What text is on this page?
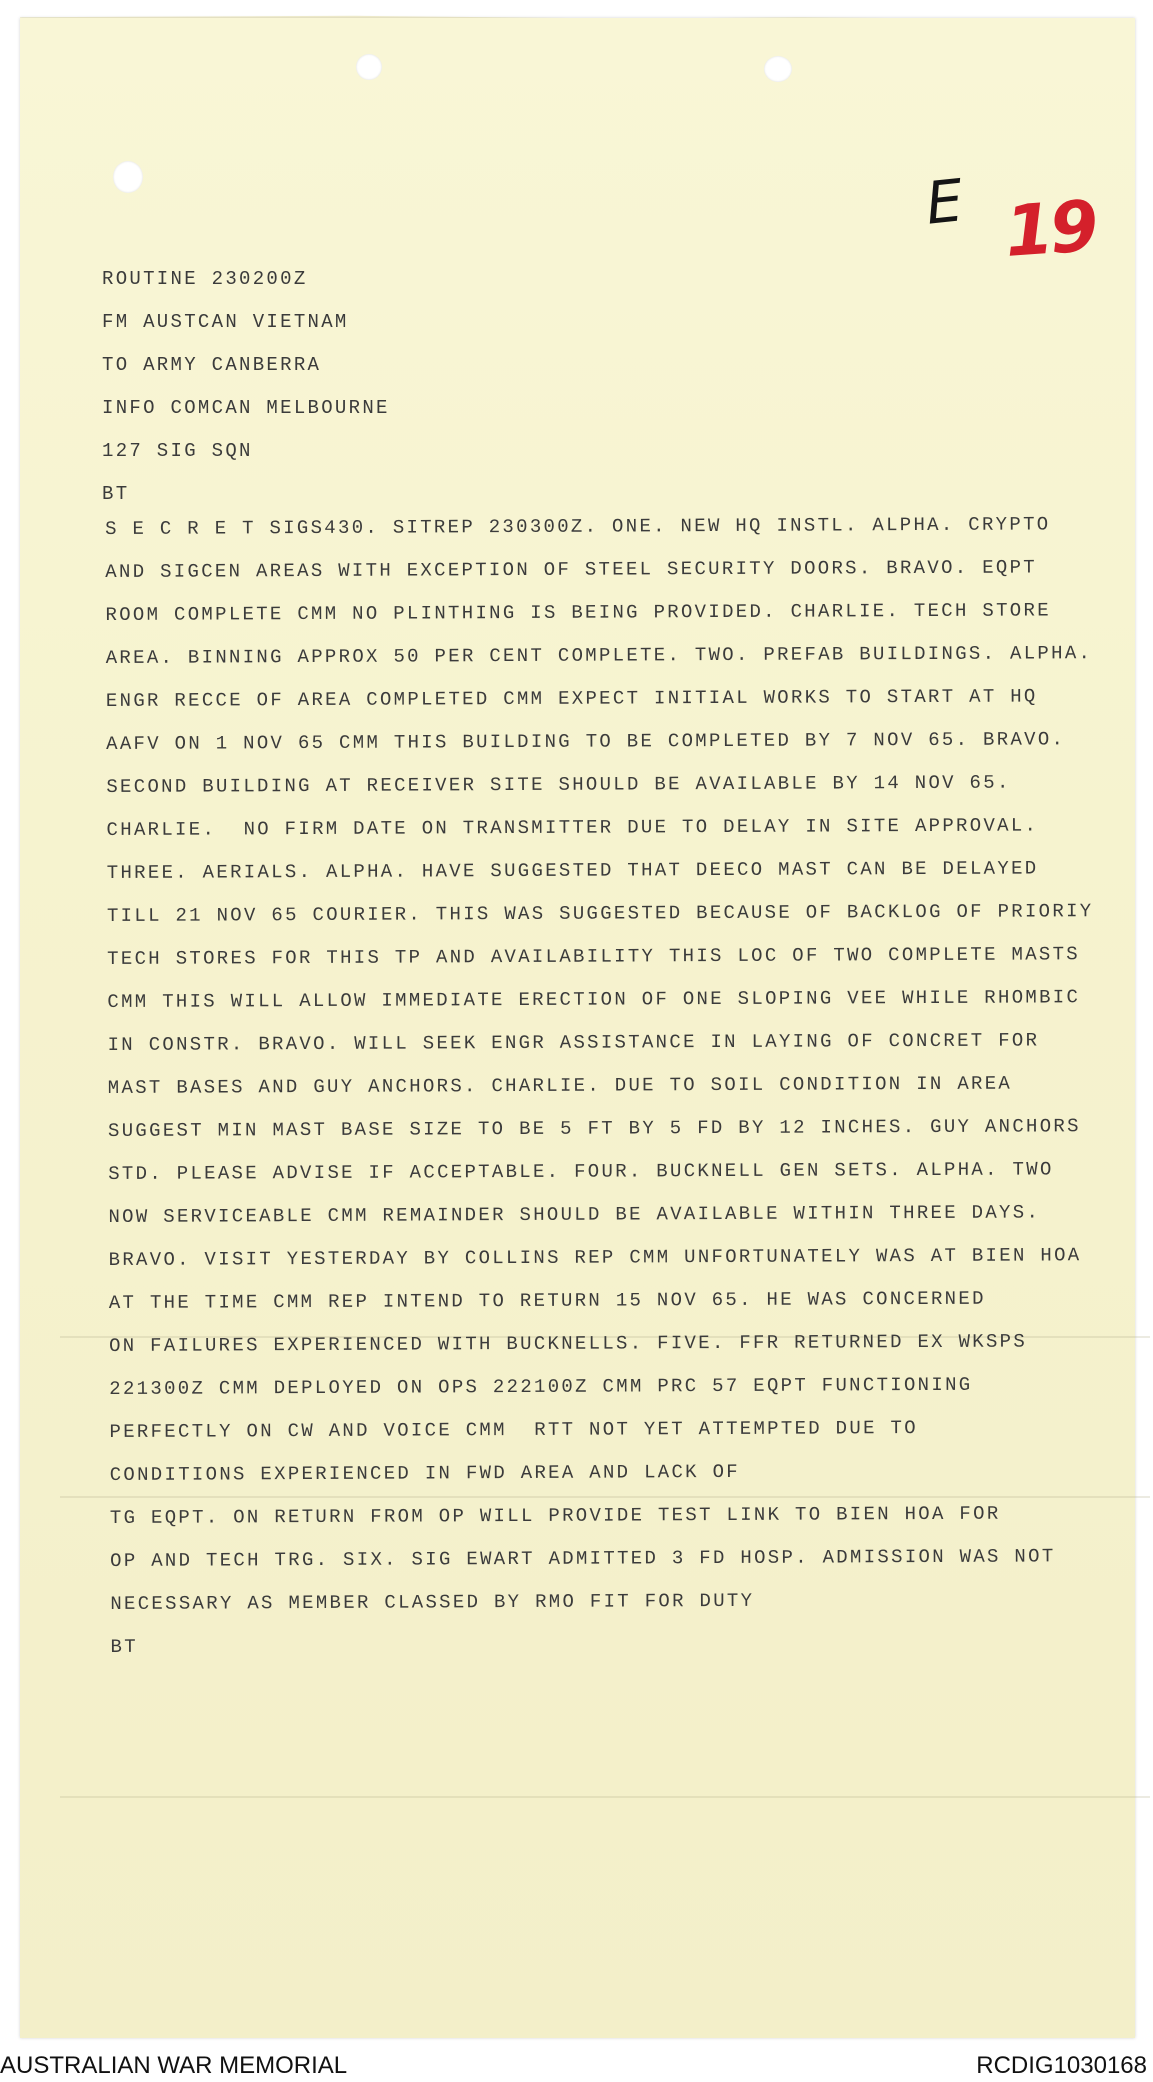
E 19
ROUTINE 230200Z
FM AUSTCAN VIETNAM
TO ARMY CANBERRA
INFO COMCAN MELBOURNE
127 SIG SQN
BT
S E C R E T SIGS430. SITREP 230300Z. ONE. NEW HQ INSTL. ALPHA. CRYPTO
AND SIGCEN AREAS WITH EXCEPTION OF STEEL SECURITY DOORS. BRAVO. EQPT
ROOM COMPLETE CMM NO PLINTHING IS BEING PROVIDED. CHARLIE. TECH STORE
AREA. BINNING APPROX 50 PER CENT COMPLETE. TWO. PREFAB BUILDINGS. ALPHA.
ENGR RECCE OF AREA COMPLETED CMM EXPECT INITIAL WORKS TO START AT HQ
AAFV ON 1 NOV 65 CMM THIS BUILDING TO BE COMPLETED BY 7 NOV 65. BRAVO.
SECOND BUILDING AT RECEIVER SITE SHOULD BE AVAILABLE BY 14 NOV 65.
CHARLIE.  NO FIRM DATE ON TRANSMITTER DUE TO DELAY IN SITE APPROVAL.
THREE. AERIALS. ALPHA. HAVE SUGGESTED THAT DEECO MAST CAN BE DELAYED
TILL 21 NOV 65 COURIER. THIS WAS SUGGESTED BECAUSE OF BACKLOG OF PRIORIY
TECH STORES FOR THIS TP AND AVAILABILITY THIS LOC OF TWO COMPLETE MASTS
CMM THIS WILL ALLOW IMMEDIATE ERECTION OF ONE SLOPING VEE WHILE RHOMBIC
IN CONSTR. BRAVO. WILL SEEK ENGR ASSISTANCE IN LAYING OF CONCRET FOR
MAST BASES AND GUY ANCHORS. CHARLIE. DUE TO SOIL CONDITION IN AREA
SUGGEST MIN MAST BASE SIZE TO BE 5 FT BY 5 FD BY 12 INCHES. GUY ANCHORS
STD. PLEASE ADVISE IF ACCEPTABLE. FOUR. BUCKNELL GEN SETS. ALPHA. TWO
NOW SERVICEABLE CMM REMAINDER SHOULD BE AVAILABLE WITHIN THREE DAYS.
BRAVO. VISIT YESTERDAY BY COLLINS REP CMM UNFORTUNATELY WAS AT BIEN HOA
AT THE TIME CMM REP INTEND TO RETURN 15 NOV 65. HE WAS CONCERNED
ON FAILURES EXPERIENCED WITH BUCKNELLS. FIVE. FFR RETURNED EX WKSPS
221300Z CMM DEPLOYED ON OPS 222100Z CMM PRC 57 EQPT FUNCTIONING
PERFECTLY ON CW AND VOICE CMM  RTT NOT YET ATTEMPTED DUE TO
CONDITIONS EXPERIENCED IN FWD AREA AND LACK OF
TG EQPT. ON RETURN FROM OP WILL PROVIDE TEST LINK TO BIEN HOA FOR
OP AND TECH TRG. SIX. SIG EWART ADMITTED 3 FD HOSP. ADMISSION WAS NOT
NECESSARY AS MEMBER CLASSED BY RMO FIT FOR DUTY
BT
AUSTRALIAN WAR MEMORIAL	RCDIG1030168
